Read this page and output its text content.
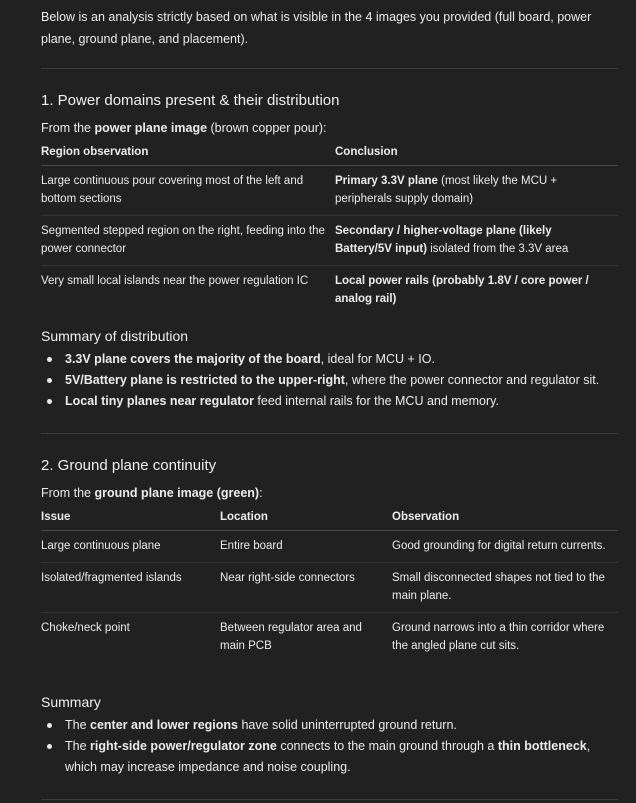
Below is an analysis strictly based on what is visible in the 4 images you provided (full board, power plane, ground plane, and placement).
1. Power domains present & their distribution
From the power plane image (brown copper pour):
Region observation	Conclusion
Large continuous pour covering most of the left and bottom sections	Primary 3.3V plane (most likely the MCU + peripherals supply domain)
Segmented stepped region on the right, feeding into the power connector	Secondary / higher-voltage plane (likely Battery/5V input) isolated from the 3.3V area
Very small local islands near the power regulation IC	Local power rails (probably 1.8V / core power / analog rail)
Summary of distribution
3.3V plane covers the majority of the board, ideal for MCU + IO.
5V/Battery plane is restricted to the upper-right, where the power connector and regulator sit.
Local tiny planes near regulator feed internal rails for the MCU and memory.
2. Ground plane continuity
From the ground plane image (green):
Issue	Location	Observation
Large continuous plane	Entire board	Good grounding for digital return currents.
Isolated/fragmented islands	Near right-side connectors	Small disconnected shapes not tied to the main plane.
Choke/neck point	Between regulator area and main PCB	Ground narrows into a thin corridor where the angled plane cut sits.
Summary
The center and lower regions have solid uninterrupted ground return.
The right-side power/regulator zone connects to the main ground through a thin bottleneck, which may increase impedance and noise coupling.
